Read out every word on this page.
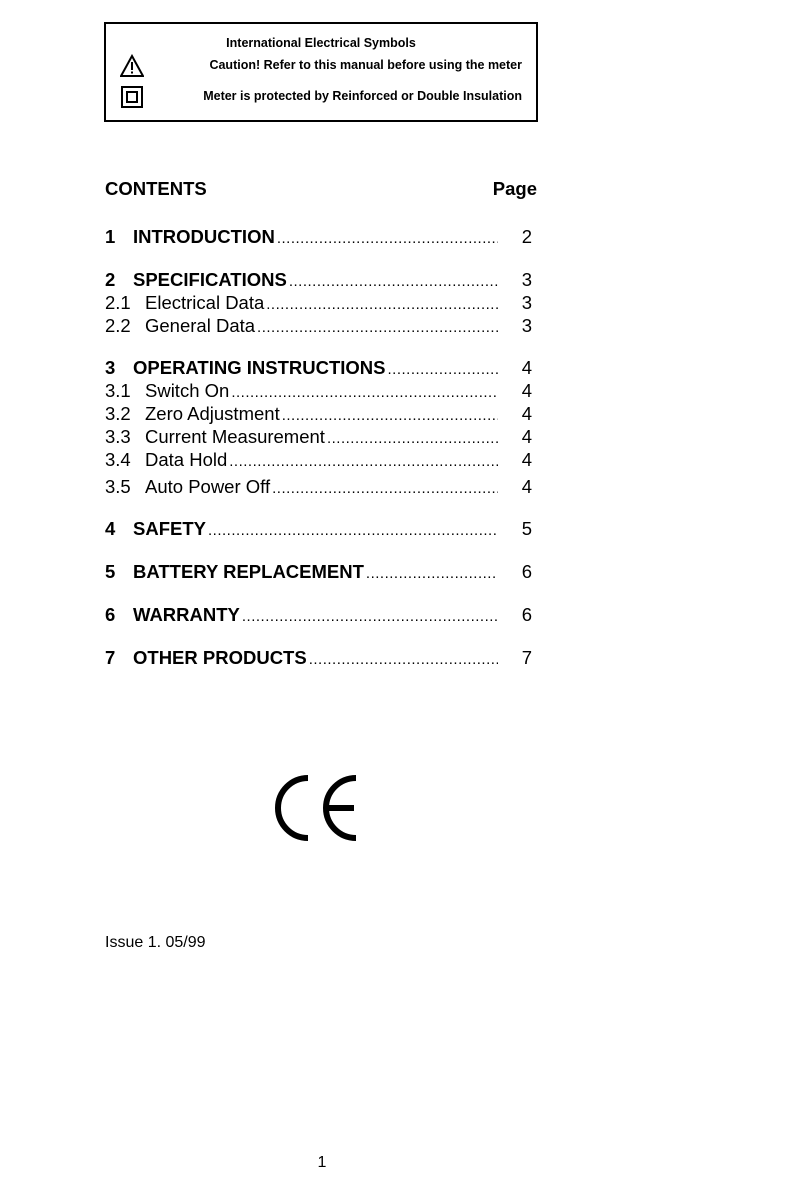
International Electrical Symbols
Caution! Refer to this manual before using the meter
Meter is protected by Reinforced or Double Insulation
CONTENTS	Page
1 INTRODUCTION .....	2
2 SPECIFICATIONS .....	3
2.1 Electrical Data .....	3
2.2 General Data .....	3
3 OPERATING INSTRUCTIONS .....	4
3.1 Switch On .....	4
3.2 Zero Adjustment .....	4
3.3 Current Measurement .....	4
3.4 Data Hold .....	4
3.5 Auto Power Off .....	4
4 SAFETY .....	5
5 BATTERY REPLACEMENT .....	6
6 WARRANTY .....	6
7 OTHER PRODUCTS .....	7
Issue 1. 05/99
1
